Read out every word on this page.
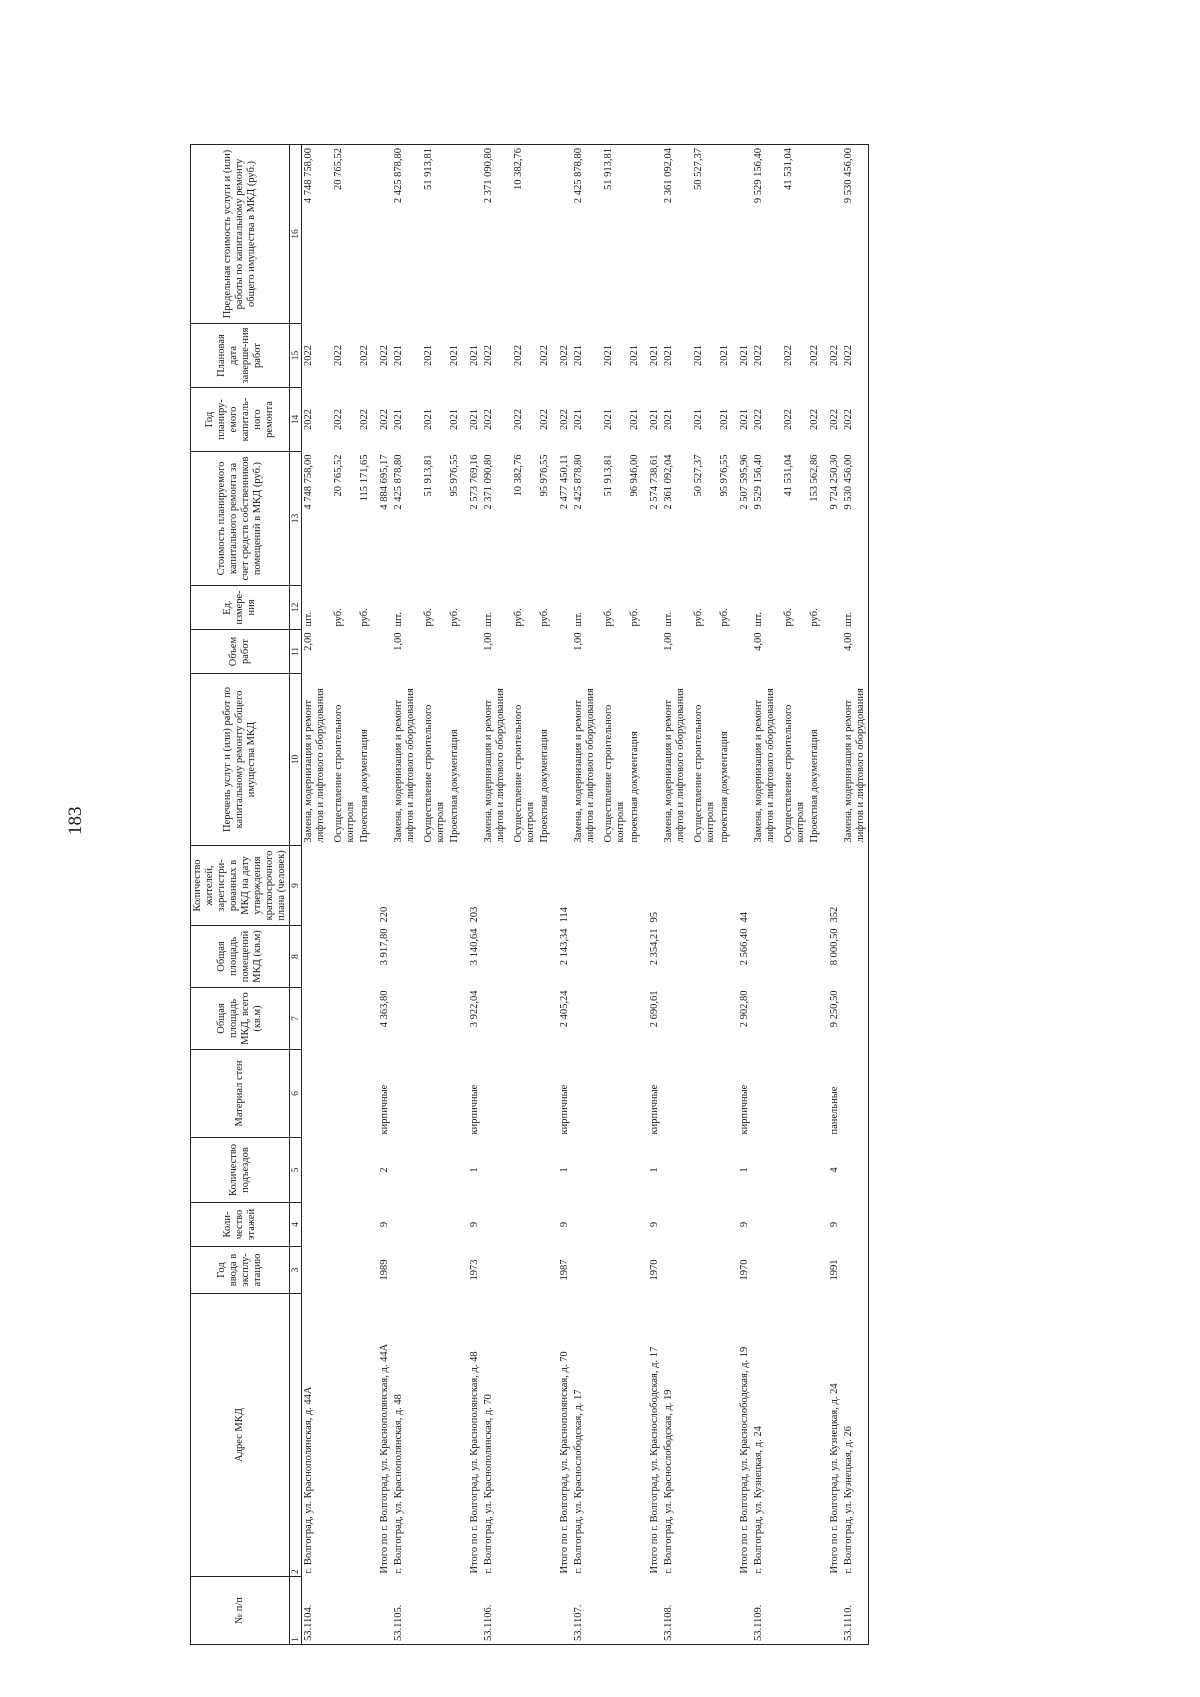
183
№ п/п	Адрес МКД	Год ввода в эксплу-атацию	Коли-чество этажей	Количество подъездов	Материал стен	Общая площадь МКД, всего (кв.м)	Общая площадь помещений МКД (кв.м)	Количество жителей, зарегистри-рованных в МКД на дату утверждения краткосрочного плана (человек)	Перечень услуг и (или) работ по капитальному ремонту общего имущества МКД	Объем работ	Ед. измере-ния	Стоимость планируемого капитального ремонта за счет средств собственников помещений в МКД (руб.)	Год планиру-емого капиталь-ного ремонта	Плановая дата заверше-ния работ	Предельная стоимость услуги и (или) работы по капитальному ремонту общего имущества в МКД (руб.)
1	2	3	4	5	6	7	8	9	10	11	12	13	14	15	16
53.1104.	г. Волгоград, ул. Краснополянская, д. 44А								Замена, модернизация и ремонт лифтов и лифтового оборудования	2,00	шт.	4 748 758,00	2022	2022	4 748 758,00
									Осуществление строительного контроля		руб.	20 765,52	2022	2022	20 765,52
									Проектная документация		руб.	115 171,65	2022	2022	
	Итого по г. Волгоград, ул. Краснополянская, д. 44А	1989	9	2	кирпичные	4 363,80	3 917,80	220				4 884 695,17	2022	2022	
53.1105.	г. Волгоград, ул. Краснополянская, д. 48								Замена, модернизация и ремонт лифтов и лифтового оборудования	1,00	шт.	2 425 878,80	2021	2021	2 425 878,80
									Осуществление строительного контроля		руб.	51 913,81	2021	2021	51 913,81
									Проектная документация		руб.	95 976,55	2021	2021	
	Итого по г. Волгоград, ул. Краснополянская, д. 48	1973	9	1	кирпичные	3 922,04	3 140,64	203				2 573 769,16	2021	2021	
53.1106.	г. Волгоград, ул. Краснополянская, д. 70								Замена, модернизация и ремонт лифтов и лифтового оборудования	1,00	шт.	2 371 090,80	2022	2022	2 371 090,80
									Осуществление строительного контроля		руб.	10 382,76	2022	2022	10 382,76
									Проектная документация		руб.	95 976,55	2022	2022	
	Итого по г. Волгоград, ул. Краснополянская, д. 70	1987	9	1	кирпичные	2 405,24	2 143,34	114				2 477 450,11	2022	2022	
53.1107.	г. Волгоград, ул. Краснослободская, д. 17								Замена, модернизация и ремонт лифтов и лифтового оборудования	1,00	шт.	2 425 878,80	2021	2021	2 425 878,80
									Осуществление строительного контроля		руб.	51 913,81	2021	2021	51 913,81
									проектная документация		руб.	96 946,00	2021	2021	
	Итого по г. Волгоград, ул. Краснослободская, д. 17	1970	9	1	кирпичные	2 690,61	2 354,21	95				2 574 738,61	2021	2021	
53.1108.	г. Волгоград, ул. Краснослободская, д. 19								Замена, модернизация и ремонт лифтов и лифтового оборудования	1,00	шт.	2 361 092,04	2021	2021	2 361 092,04
									Осуществление строительного контроля		руб.	50 527,37	2021	2021	50 527,37
									проектная документация		руб.	95 976,55	2021	2021	
	Итого по г. Волгоград, ул. Краснослободская, д. 19	1970	9	1	кирпичные	2 902,80	2 566,40	44				2 507 595,96	2021	2021	
53.1109.	г. Волгоград, ул. Кузнецкая, д. 24								Замена, модернизация и ремонт лифтов и лифтового оборудования	4,00	шт.	9 529 156,40	2022	2022	9 529 156,40
									Осуществление строительного контроля		руб.	41 531,04	2022	2022	41 531,04
									Проектная документация		руб.	153 562,86	2022	2022	
	Итого по г. Волгоград, ул. Кузнецкая, д. 24	1991	9	4	панельные	9 250,50	8 000,50	352				9 724 250,30	2022	2022	
53.1110.	г. Волгоград, ул. Кузнецкая, д. 26								Замена, модернизация и ремонт лифтов и лифтового оборудования	4,00	шт.	9 530 456,00	2022	2022	9 530 456,00
